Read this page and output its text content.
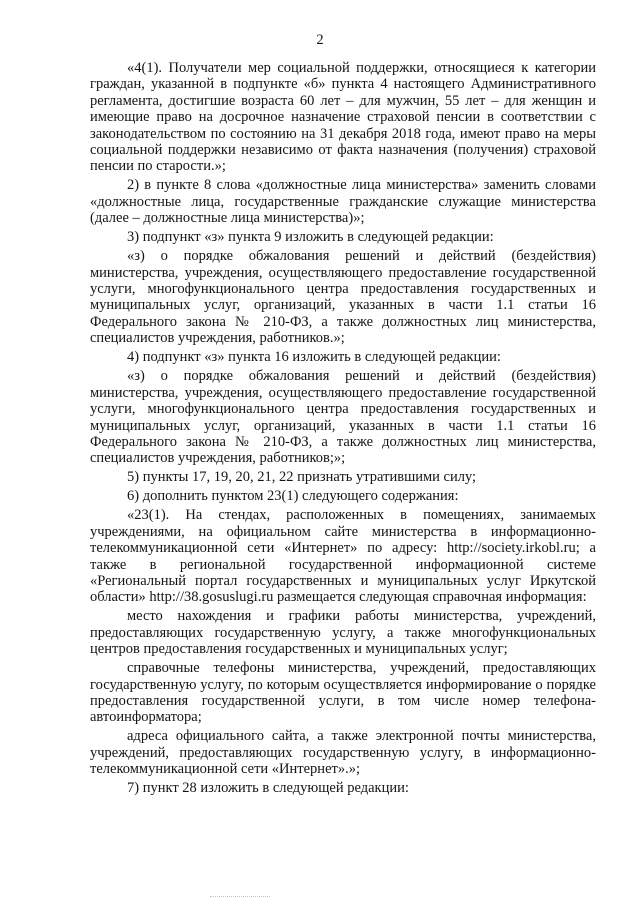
2

«4(1). Получатели мер социальной поддержки, относящиеся к категории граждан, указанной в подпункте «б» пункта 4 настоящего Административного регламента, достигшие возраста 60 лет – для мужчин, 55 лет – для женщин и имеющие право на досрочное назначение страховой пенсии в соответствии с законодательством по состоянию на 31 декабря 2018 года, имеют право на меры социальной поддержки независимо от факта назначения (получения) страховой пенсии по старости.»;

2) в пункте 8 слова «должностные лица министерства» заменить словами «должностные лица, государственные гражданские служащие министерства (далее – должностные лица министерства)»;

3) подпункт «з» пункта 9 изложить в следующей редакции:

«з) о порядке обжалования решений и действий (бездействия) министерства, учреждения, осуществляющего предоставление государственной услуги, многофункционального центра предоставления государственных и муниципальных услуг, организаций, указанных в части 1.1 статьи 16 Федерального закона № 210-ФЗ, а также должностных лиц министерства, специалистов учреждения, работников.»;

4) подпункт «з» пункта 16 изложить в следующей редакции:

«з) о порядке обжалования решений и действий (бездействия) министерства, учреждения, осуществляющего предоставление государственной услуги, многофункционального центра предоставления государственных и муниципальных услуг, организаций, указанных в части 1.1 статьи 16 Федерального закона № 210-ФЗ, а также должностных лиц министерства, специалистов учреждения, работников;»;

5) пункты 17, 19, 20, 21, 22 признать утратившими силу;

6) дополнить пунктом 23(1) следующего содержания:

«23(1). На стендах, расположенных в помещениях, занимаемых учреждениями, на официальном сайте министерства в информационно-телекоммуникационной сети «Интернет» по адресу: http://society.irkobl.ru; а также в региональной государственной информационной системе «Региональный портал государственных и муниципальных услуг Иркутской области» http://38.gosuslugi.ru размещается следующая справочная информация:

место нахождения и графики работы министерства, учреждений, предоставляющих государственную услугу, а также многофункциональных центров предоставления государственных и муниципальных услуг;

справочные телефоны министерства, учреждений, предоставляющих государственную услугу, по которым осуществляется информирование о порядке предоставления государственной услуги, в том числе номер телефона-автоинформатора;

адреса официального сайта, а также электронной почты министерства, учреждений, предоставляющих государственную услугу, в информационно-телекоммуникационной сети «Интернет».»;

7) пункт 28 изложить в следующей редакции:
